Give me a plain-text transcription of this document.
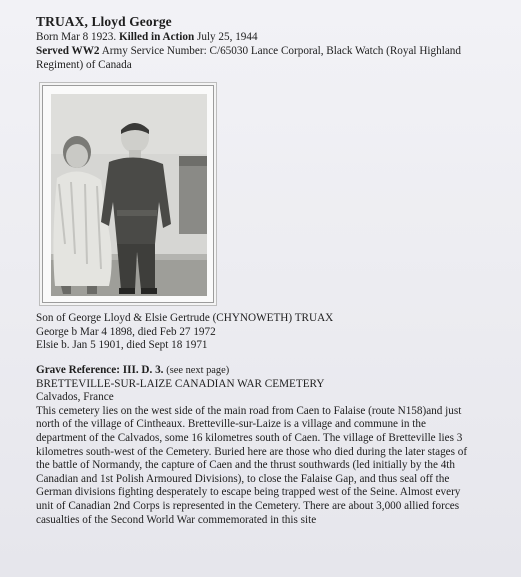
TRUAX, Lloyd George
Born Mar 8 1923. Killed in Action July 25, 1944
Served WW2 Army Service Number: C/65030 Lance Corporal, Black Watch (Royal Highland
Regiment) of Canada
Son of George Lloyd & Elsie Gertrude (CHYNOWETH) TRUAX
George b Mar 4 1898, died Feb 27 1972
Elsie b. Jan 5 1901, died Sept 18 1971
Grave Reference: III. D. 3. (see next page)
BRETTEVILLE-SUR-LAIZE CANADIAN WAR CEMETERY
Calvados, France
This cemetery lies on the west side of the main road from Caen to Falaise (route N158)and just
north of the village of Cintheaux. Bretteville-sur-Laize is a village and commune in the
department of the Calvados, some 16 kilometres south of Caen. The village of Bretteville lies 3
kilometres south-west of the Cemetery. Buried here are those who died during the later stages of
the battle of Normandy, the capture of Caen and the thrust southwards (led initially by the 4th
Canadian and 1st Polish Armoured Divisions), to close the Falaise Gap, and thus seal off the
German divisions fighting desperately to escape being trapped west of the Seine. Almost every
unit of Canadian 2nd Corps is represented in the Cemetery. There are about 3,000 allied forces
casualties of the Second World War commemorated in this site
